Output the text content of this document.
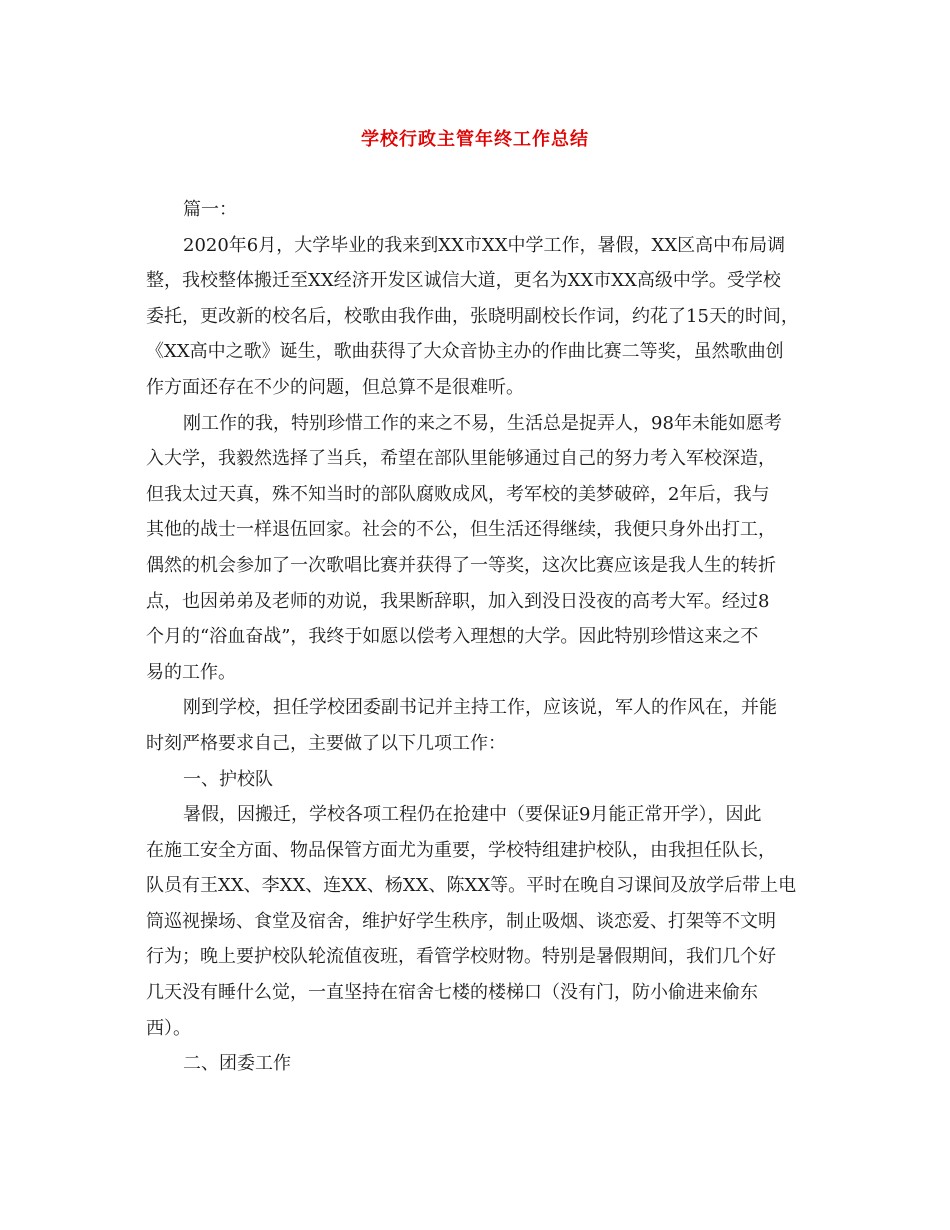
学校行政主管年终工作总结
篇一：
2020年6月，大学毕业的我来到XX市XX中学工作，暑假，XX区高中布局调
整，我校整体搬迁至XX经济开发区诚信大道，更名为XX市XX高级中学。受学校
委托，更改新的校名后，校歌由我作曲，张晓明副校长作词，约花了15天的时间，
《XX高中之歌》诞生，歌曲获得了大众音协主办的作曲比赛二等奖，虽然歌曲创
作方面还存在不少的问题，但总算不是很难听。
刚工作的我，特别珍惜工作的来之不易，生活总是捉弄人，98年未能如愿考
入大学，我毅然选择了当兵，希望在部队里能够通过自己的努力考入军校深造，
但我太过天真，殊不知当时的部队腐败成风，考军校的美梦破碎，2年后，我与
其他的战士一样退伍回家。社会的不公，但生活还得继续，我便只身外出打工，
偶然的机会参加了一次歌唱比赛并获得了一等奖，这次比赛应该是我人生的转折
点，也因弟弟及老师的劝说，我果断辞职，加入到没日没夜的高考大军。经过8
个月的“浴血奋战”，我终于如愿以偿考入理想的大学。因此特别珍惜这来之不
易的工作。
刚到学校，担任学校团委副书记并主持工作，应该说，军人的作风在，并能
时刻严格要求自己，主要做了以下几项工作：
一、护校队
暑假，因搬迁，学校各项工程仍在抢建中（要保证9月能正常开学），因此
在施工安全方面、物品保管方面尤为重要，学校特组建护校队，由我担任队长，
队员有王XX、李XX、连XX、杨XX、陈XX等。平时在晚自习课间及放学后带上电
筒巡视操场、食堂及宿舍，维护好学生秩序，制止吸烟、谈恋爱、打架等不文明
行为；晚上要护校队轮流值夜班，看管学校财物。特别是暑假期间，我们几个好
几天没有睡什么觉，一直坚持在宿舍七楼的楼梯口（没有门，防小偷进来偷东
西）。
二、团委工作
